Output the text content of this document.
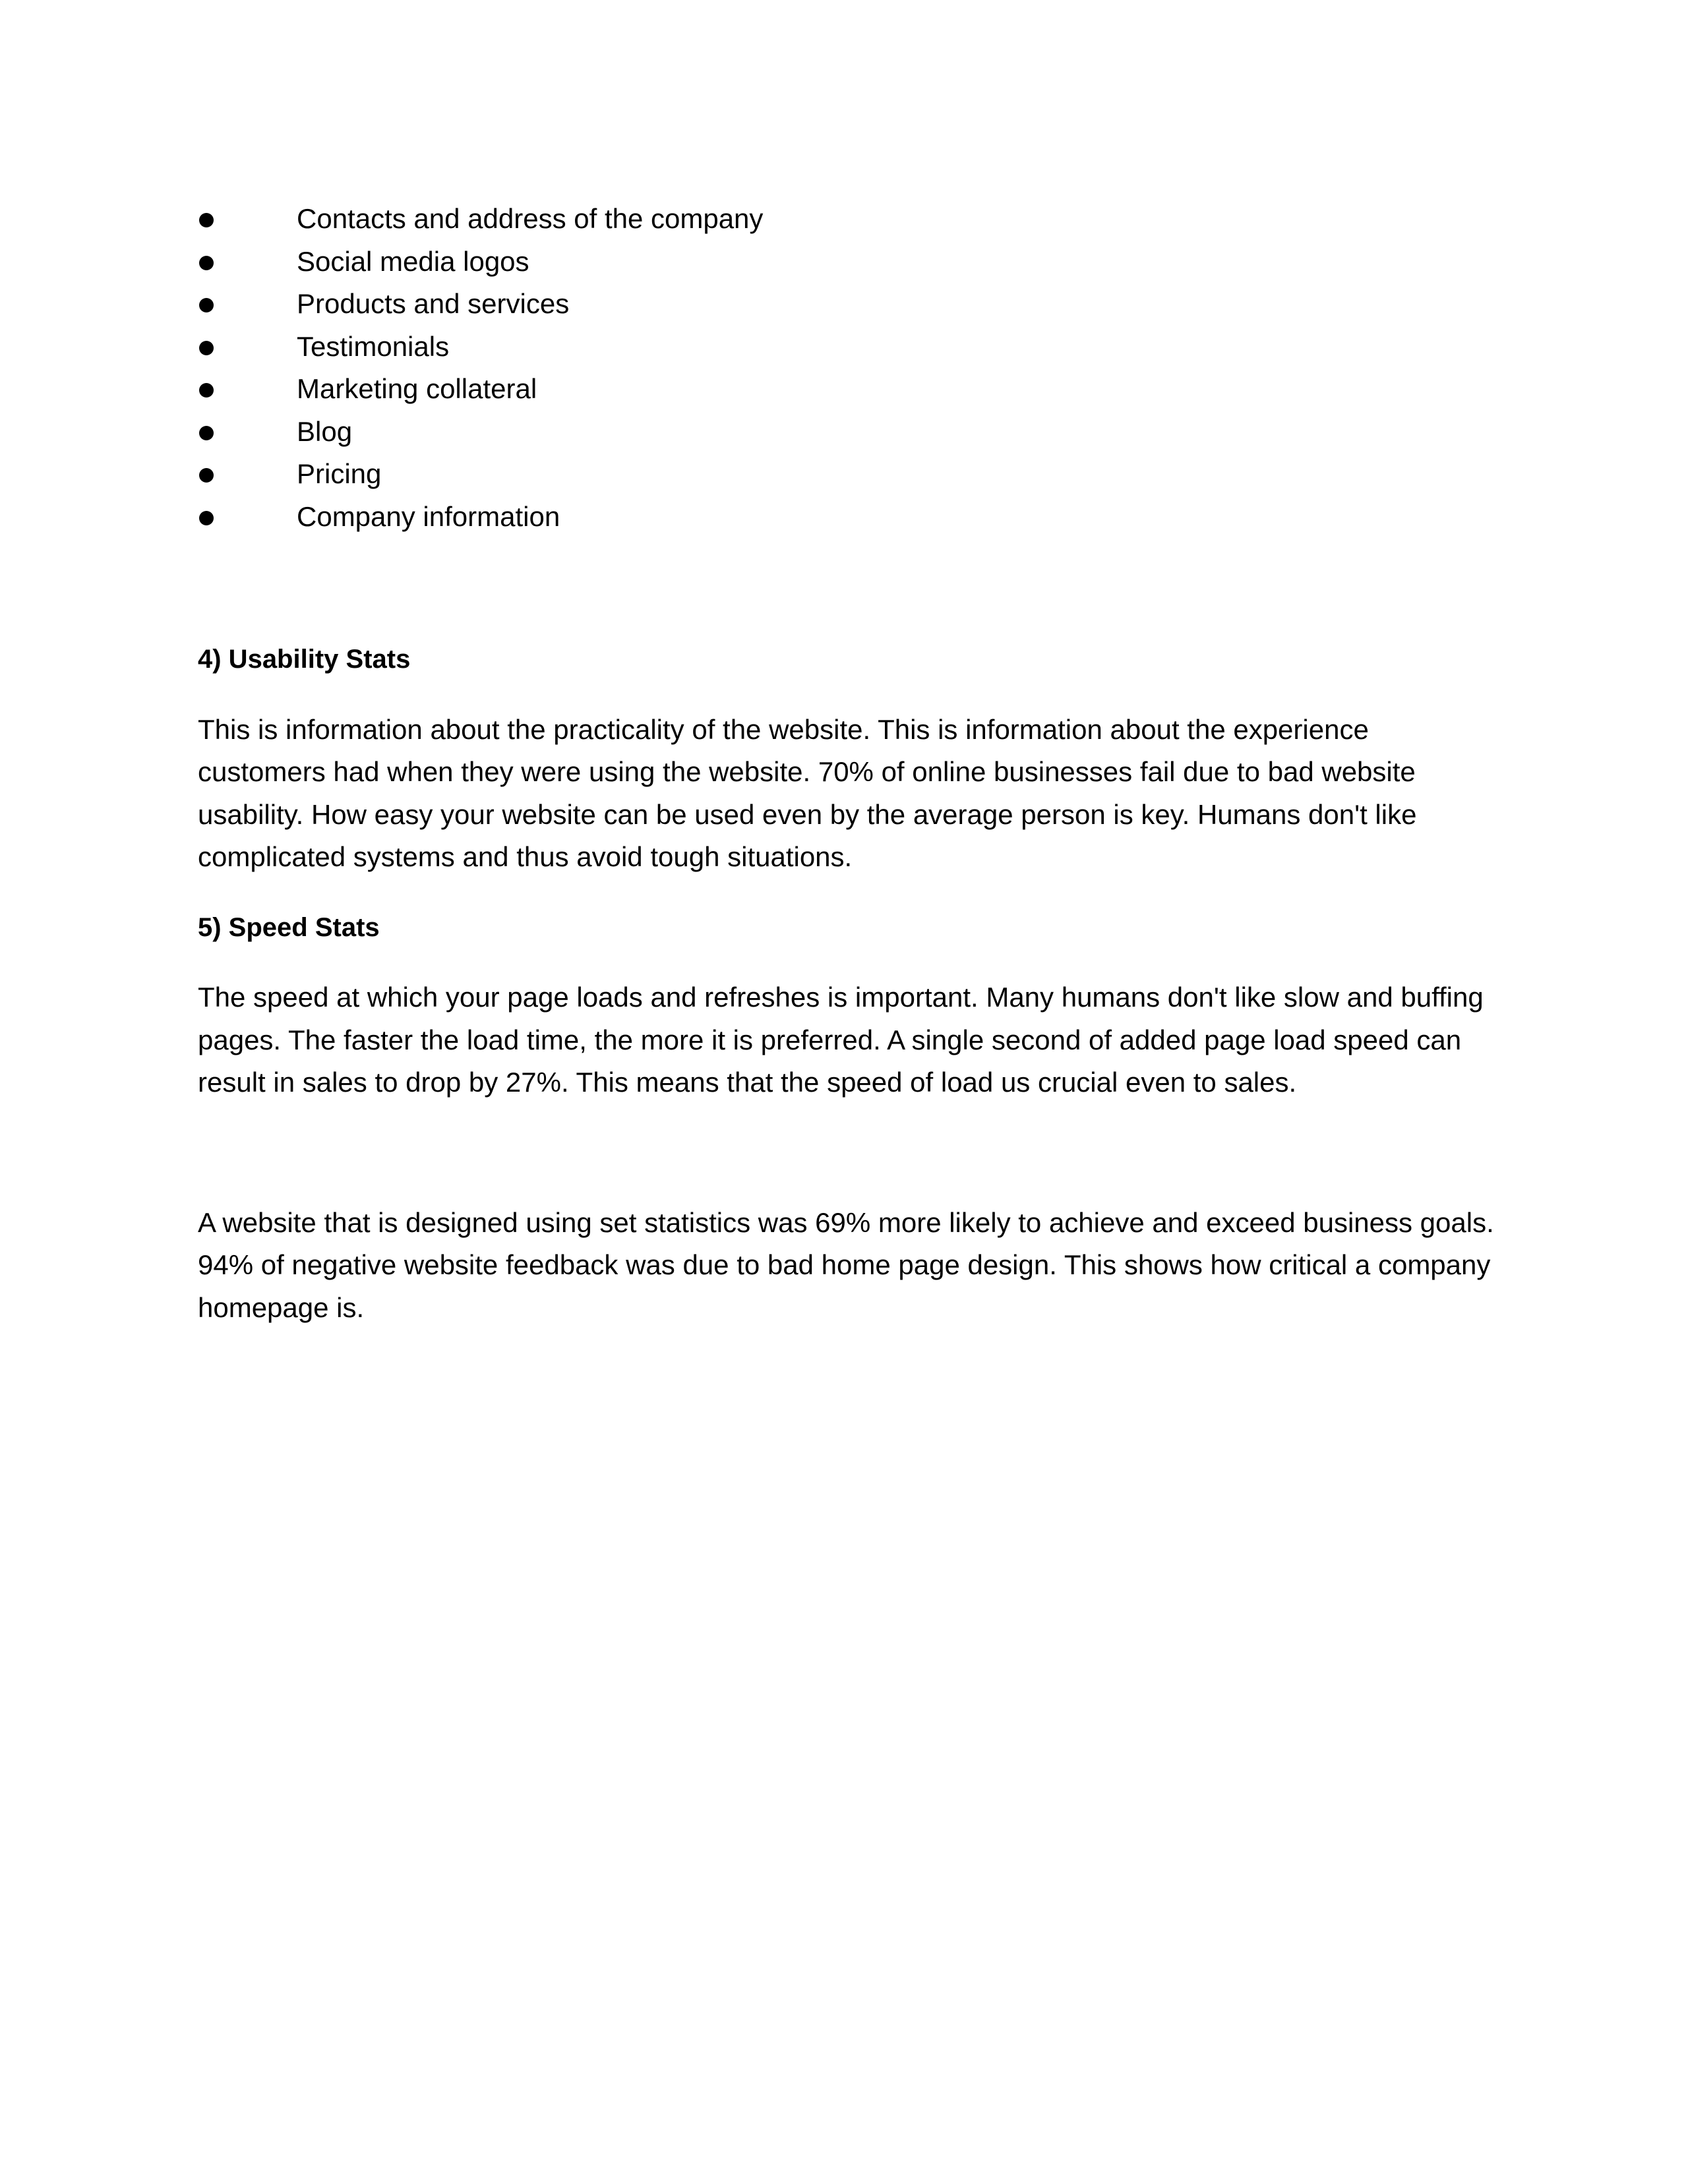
Contacts and address of the company
Social media logos
Products and services
Testimonials
Marketing collateral
Blog
Pricing
Company information
4) Usability Stats

This is information about the practicality of the website. This is information about the experience customers had when they were using the website. 70% of online businesses fail due to bad website usability. How easy your website can be used even by the average person is key. Humans don't like complicated systems and thus avoid tough situations.

5) Speed Stats

The speed at which your page loads and refreshes is important. Many humans don't like slow and buffing pages. The faster the load time, the more it is preferred. A single second of added page load speed can result in sales to drop by 27%. This means that the speed of load us crucial even to sales.

A website that is designed using set statistics was 69% more likely to achieve and exceed business goals. 94% of negative website feedback was due to bad home page design. This shows how critical a company homepage is.
